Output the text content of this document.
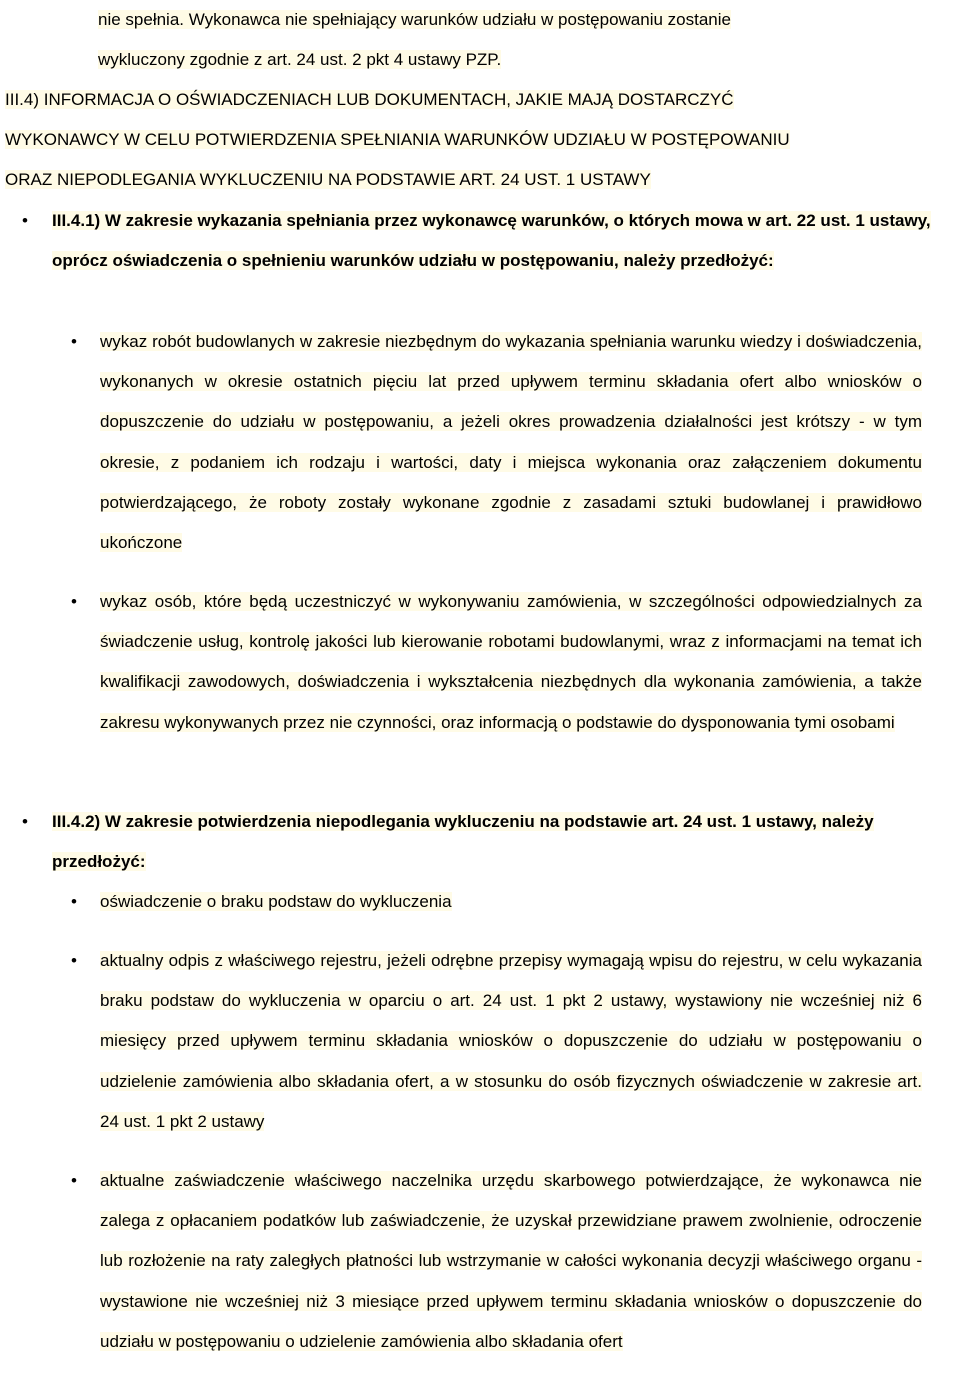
nie spełnia. Wykonawca nie spełniający warunków udziału w postępowaniu zostanie
wykluczony zgodnie z art. 24 ust. 2 pkt 4 ustawy PZP.
III.4) INFORMACJA O OŚWIADCZENIACH LUB DOKUMENTACH, JAKIE MAJĄ DOSTARCZYĆ
WYKONAWCY W CELU POTWIERDZENIA SPEŁNIANIA WARUNKÓW UDZIAŁU W POSTĘPOWANIU
ORAZ NIEPODLEGANIA WYKLUCZENIU NA PODSTAWIE ART. 24 UST. 1 USTAWY
• III.4.1) W zakresie wykazania spełniania przez wykonawcę warunków, o których mowa w art. 22 ust. 1 ustawy, oprócz oświadczenia o spełnieniu warunków udziału w postępowaniu, należy przedłożyć:

• wykaz robót budowlanych w zakresie niezbędnym do wykazania spełniania warunku wiedzy i doświadczenia, wykonanych w okresie ostatnich pięciu lat przed upływem terminu składania ofert albo wniosków o dopuszczenie do udziału w postępowaniu, a jeżeli okres prowadzenia działalności jest krótszy - w tym okresie, z podaniem ich rodzaju i wartości, daty i miejsca wykonania oraz załączeniem dokumentu potwierdzającego, że roboty zostały wykonane zgodnie z zasadami sztuki budowlanej i prawidłowo ukończone

• wykaz osób, które będą uczestniczyć w wykonywaniu zamówienia, w szczególności odpowiedzialnych za świadczenie usług, kontrolę jakości lub kierowanie robotami budowlanymi, wraz z informacjami na temat ich kwalifikacji zawodowych, doświadczenia i wykształcenia niezbędnych dla wykonania zamówienia, a także zakresu wykonywanych przez nie czynności, oraz informacją o podstawie do dysponowania tymi osobami

• III.4.2) W zakresie potwierdzenia niepodlegania wykluczeniu na podstawie art. 24 ust. 1 ustawy, należy przedłożyć:

• oświadczenie o braku podstaw do wykluczenia

• aktualny odpis z właściwego rejestru, jeżeli odrębne przepisy wymagają wpisu do rejestru, w celu wykazania braku podstaw do wykluczenia w oparciu o art. 24 ust. 1 pkt 2 ustawy, wystawiony nie wcześniej niż 6 miesięcy przed upływem terminu składania wniosków o dopuszczenie do udziału w postępowaniu o udzielenie zamówienia albo składania ofert, a w stosunku do osób fizycznych oświadczenie w zakresie art. 24 ust. 1 pkt 2 ustawy

• aktualne zaświadczenie właściwego naczelnika urzędu skarbowego potwierdzające, że wykonawca nie zalega z opłacaniem podatków lub zaświadczenie, że uzyskał przewidziane prawem zwolnienie, odroczenie lub rozłożenie na raty zaległych płatności lub wstrzymanie w całości wykonania decyzji właściwego organu - wystawione nie wcześniej niż 3 miesiące przed upływem terminu składania wniosków o dopuszczenie do udziału w postępowaniu o udzielenie zamówienia albo składania ofert
